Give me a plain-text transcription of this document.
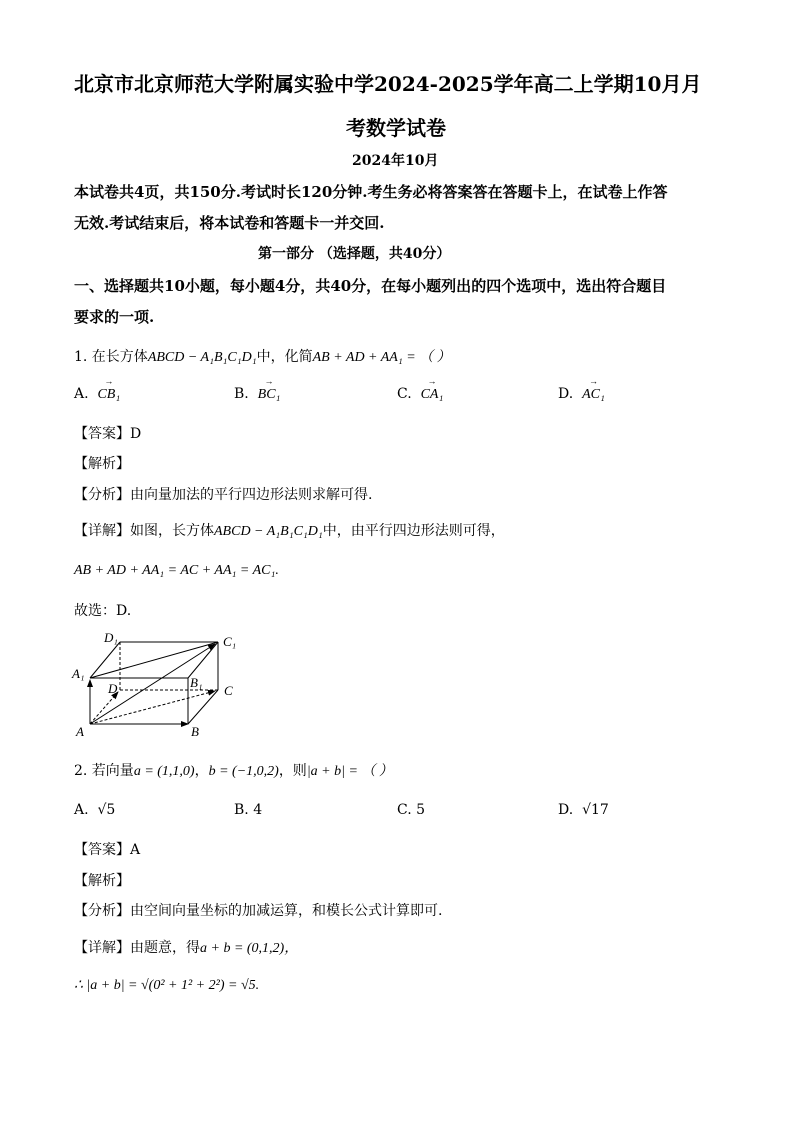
北京市北京师范大学附属实验中学2024-2025学年高二上学期10月月
考数学试卷
2024年10月
本试卷共4页，共150分.考试时长120分钟.考生务必将答案答在答题卡上，在试卷上作答
无效.考试结束后，将本试卷和答题卡一并交回.
第一部分 （选择题，共40分）
一、选择题共10小题，每小题4分，共40分，在每小题列出的四个选项中，选出符合题目
要求的一项.
1. 在长方体ABCD − A₁B₁C₁D₁中，化简AB + AD + AA₁ = （ ）
A. → CB₁	B. → BC₁	C. → CA₁	D. → AC₁
【答案】D
【解析】
【分析】由向量加法的平行四边形法则求解可得.
【详解】如图，长方体ABCD − A₁B₁C₁D₁中，由平行四边形法则可得，
AB + AD + AA₁ = AC + AA₁ = AC₁.
故选：D.
A	B
C
D
A₁
B₁
C₁
D₁
2. 若向量a = (1,1,0)，b = (−1,0,2)，则|a + b| = （ ）
A. √5	B. 4	C. 5	D. √17
【答案】A
【解析】
【分析】由空间向量坐标的加减运算，和模长公式计算即可.
【详解】由题意，得a + b = (0,1,2)，
∴ |a + b| = √(0² + 1² + 2²) = √5.
